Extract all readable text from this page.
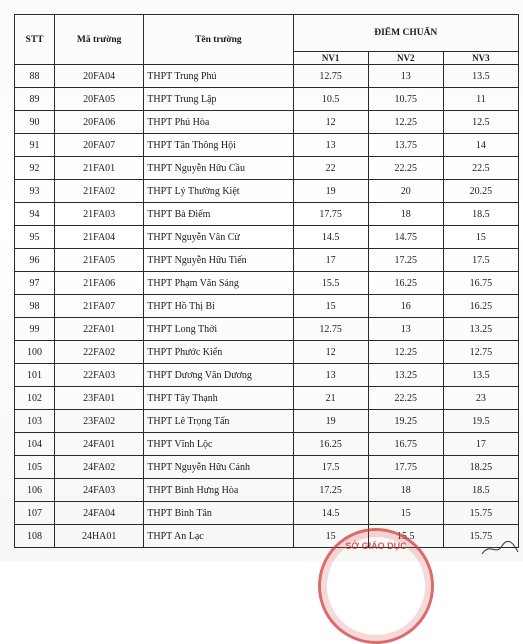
STT	Mã trường	Tên trường	ĐIỂM CHUẨN		
			NV1	NV2	NV3
88	20FA04	THPT Trung Phú	12.75	13	13.5
89	20FA05	THPT Trung Lập	10.5	10.75	11
90	20FA06	THPT Phú Hòa	12	12.25	12.5
91	20FA07	THPT Tân Thông Hội	13	13.75	14
92	21FA01	THPT Nguyễn Hữu Cầu	22	22.25	22.5
93	21FA02	THPT Lý Thường Kiệt	19	20	20.25
94	21FA03	THPT Bà Điểm	17.75	18	18.5
95	21FA04	THPT Nguyễn Văn Cừ	14.5	14.75	15
96	21FA05	THPT Nguyễn Hữu Tiến	17	17.25	17.5
97	21FA06	THPT Phạm Văn Sáng	15.5	16.25	16.75
98	21FA07	THPT Hồ Thị Bi	15	16	16.25
99	22FA01	THPT Long Thới	12.75	13	13.25
100	22FA02	THPT Phước Kiển	12	12.25	12.75
101	22FA03	THPT Dương Văn Dương	13	13.25	13.5
102	23FA01	THPT Tây Thạnh	21	22.25	23
103	23FA02	THPT Lê Trọng Tấn	19	19.25	19.5
104	24FA01	THPT Vĩnh Lộc	16.25	16.75	17
105	24FA02	THPT Nguyễn Hữu Cảnh	17.5	17.75	18.25
106	24FA03	THPT Bình Hưng Hòa	17.25	18	18.5
107	24FA04	THPT Bình Tân	14.5	15	15.75
108	24HA01	THPT An Lạc	15	15.5	15.75
SỞ GIÁO DỤC
